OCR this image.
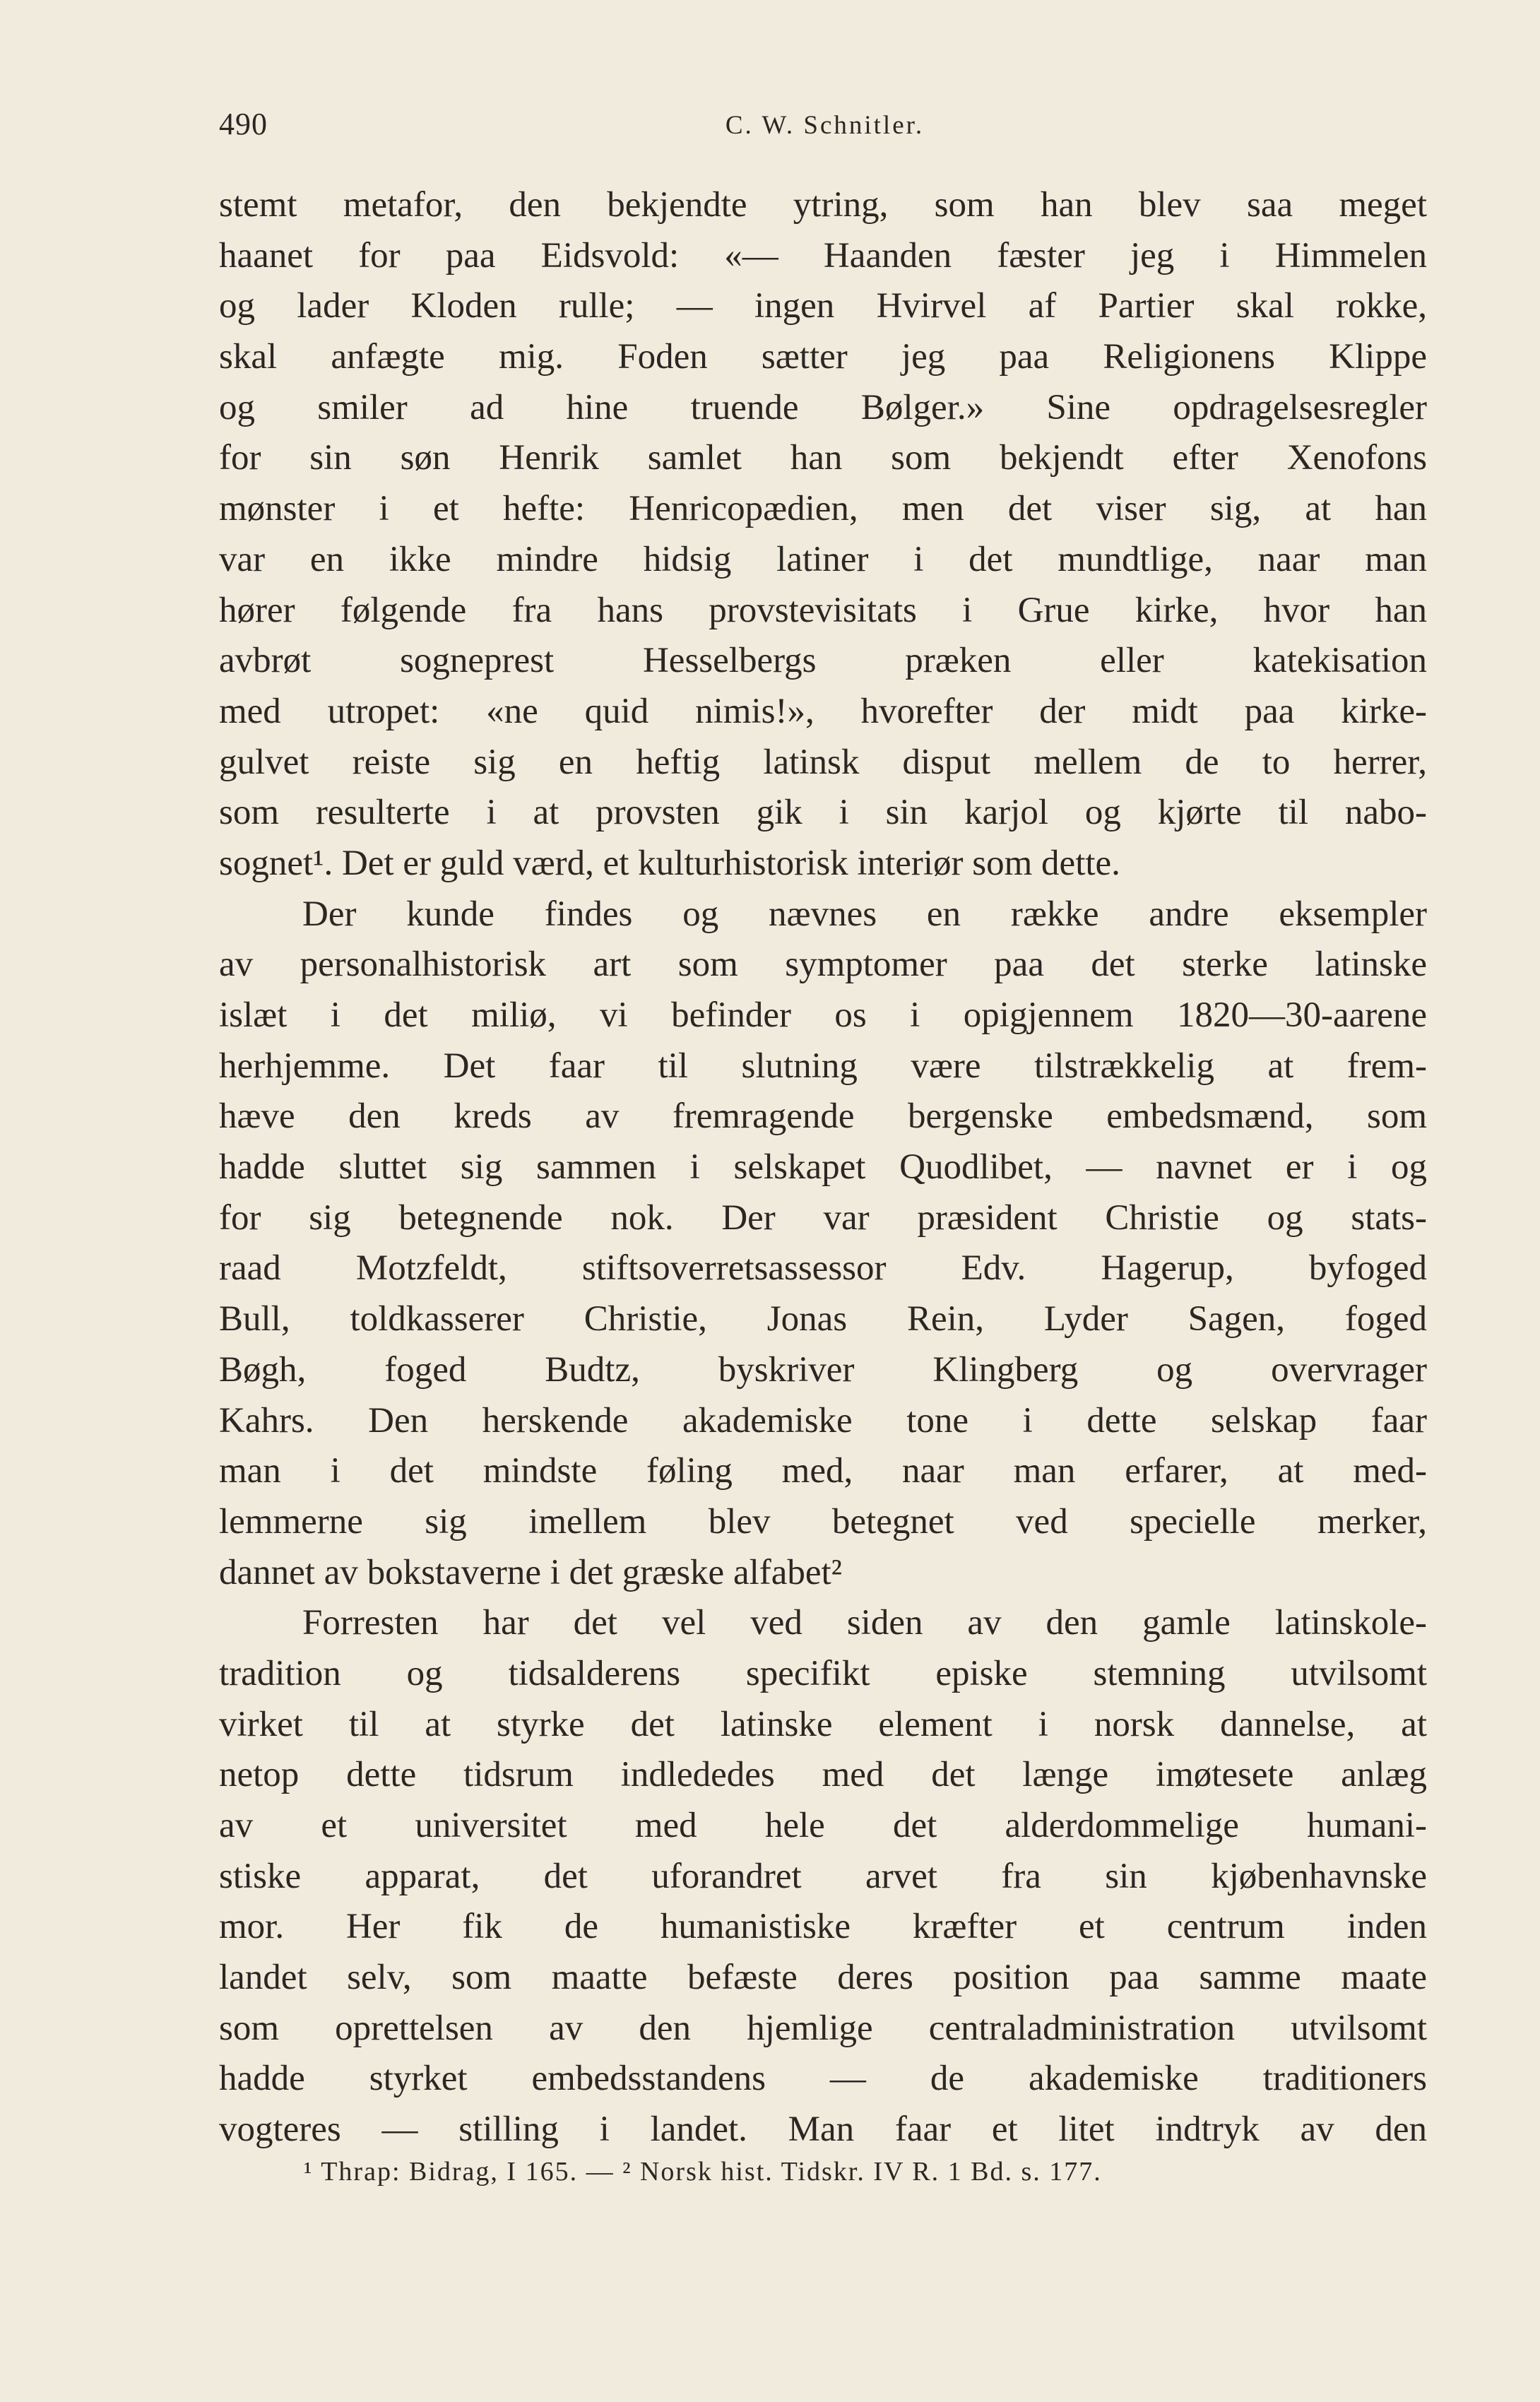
490	C. W. Schnitler.
stemt metafor, den bekjendte ytring, som han blev saa meget
haanet for paa Eidsvold: «— Haanden fæster jeg i Himmelen
og lader Kloden rulle; — ingen Hvirvel af Partier skal rokke,
skal anfægte mig. Foden sætter jeg paa Religionens Klippe
og smiler ad hine truende Bølger.» Sine opdragelsesregler
for sin søn Henrik samlet han som bekjendt efter Xenofons
mønster i et hefte: Henricopædien, men det viser sig, at han
var en ikke mindre hidsig latiner i det mundtlige, naar man
hører følgende fra hans provstevisitats i Grue kirke, hvor han
avbrøt sogneprest Hesselbergs præken eller katekisation
med utropet: «ne quid nimis!», hvorefter der midt paa kirke-
gulvet reiste sig en heftig latinsk disput mellem de to herrer,
som resulterte i at provsten gik i sin karjol og kjørte til nabo-
sognet¹. Det er guld værd, et kulturhistorisk interiør som dette.
Der kunde findes og nævnes en række andre eksempler
av personalhistorisk art som symptomer paa det sterke latinske
islæt i det miliø, vi befinder os i opigjennem 1820—30-aarene
herhjemme. Det faar til slutning være tilstrækkelig at frem-
hæve den kreds av fremragende bergenske embedsmænd, som
hadde sluttet sig sammen i selskapet Quodlibet, — navnet er i og
for sig betegnende nok. Der var præsident Christie og stats-
raad Motzfeldt, stiftsoverretsassessor Edv. Hagerup, byfoged
Bull, toldkasserer Christie, Jonas Rein, Lyder Sagen, foged
Bøgh, foged Budtz, byskriver Klingberg og overvrager
Kahrs. Den herskende akademiske tone i dette selskap faar
man i det mindste føling med, naar man erfarer, at med-
lemmerne sig imellem blev betegnet ved specielle merker,
dannet av bokstaverne i det græske alfabet²
Forresten har det vel ved siden av den gamle latinskole-
tradition og tidsalderens specifikt episke stemning utvilsomt
virket til at styrke det latinske element i norsk dannelse, at
netop dette tidsrum indlededes med det længe imøtesete anlæg
av et universitet med hele det alderdommelige humani-
stiske apparat, det uforandret arvet fra sin kjøbenhavnske
mor. Her fik de humanistiske kræfter et centrum inden
landet selv, som maatte befæste deres position paa samme maate
som oprettelsen av den hjemlige centraladministration utvilsomt
hadde styrket embedsstandens — de akademiske traditioners
vogteres — stilling i landet. Man faar et litet indtryk av den
¹ Thrap: Bidrag, I 165. — ² Norsk hist. Tidskr. IV R. 1 Bd. s. 177.
